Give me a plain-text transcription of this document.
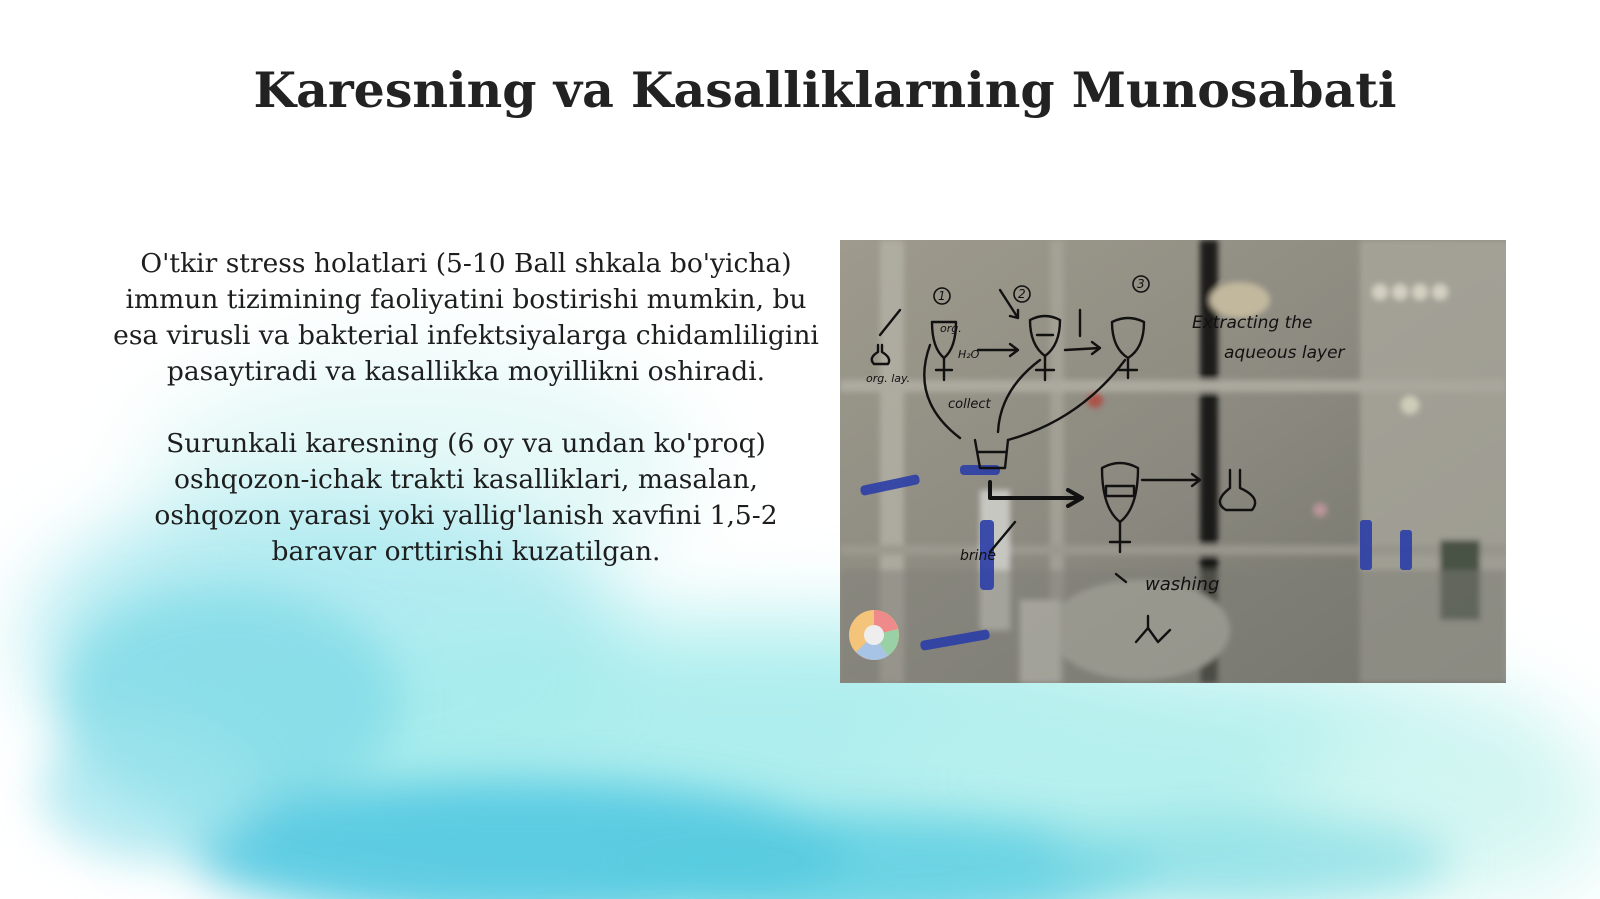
Karesning va Kasalliklarning Munosabati

O'tkir stress holatlari (5-10 Ball shkala bo'yicha) immun tizimining faoliyatini bostirishi mumkin, bu esa virusli va bakterial infektsiyalarga chidamliligini pasaytiradi va kasallikka moyillikni oshiradi.

Surunkali karesning (6 oy va undan ko'proq) oshqozon-ichak trakti kasalliklari, masalan, oshqozon yarasi yoki yallig'lanish xavfini 1,5-2 baravar orttirishi kuzatilgan.

Extracting the
aqueous layer
washing
collect
brine
org. lay.
H₂O
org.
1	2
3
